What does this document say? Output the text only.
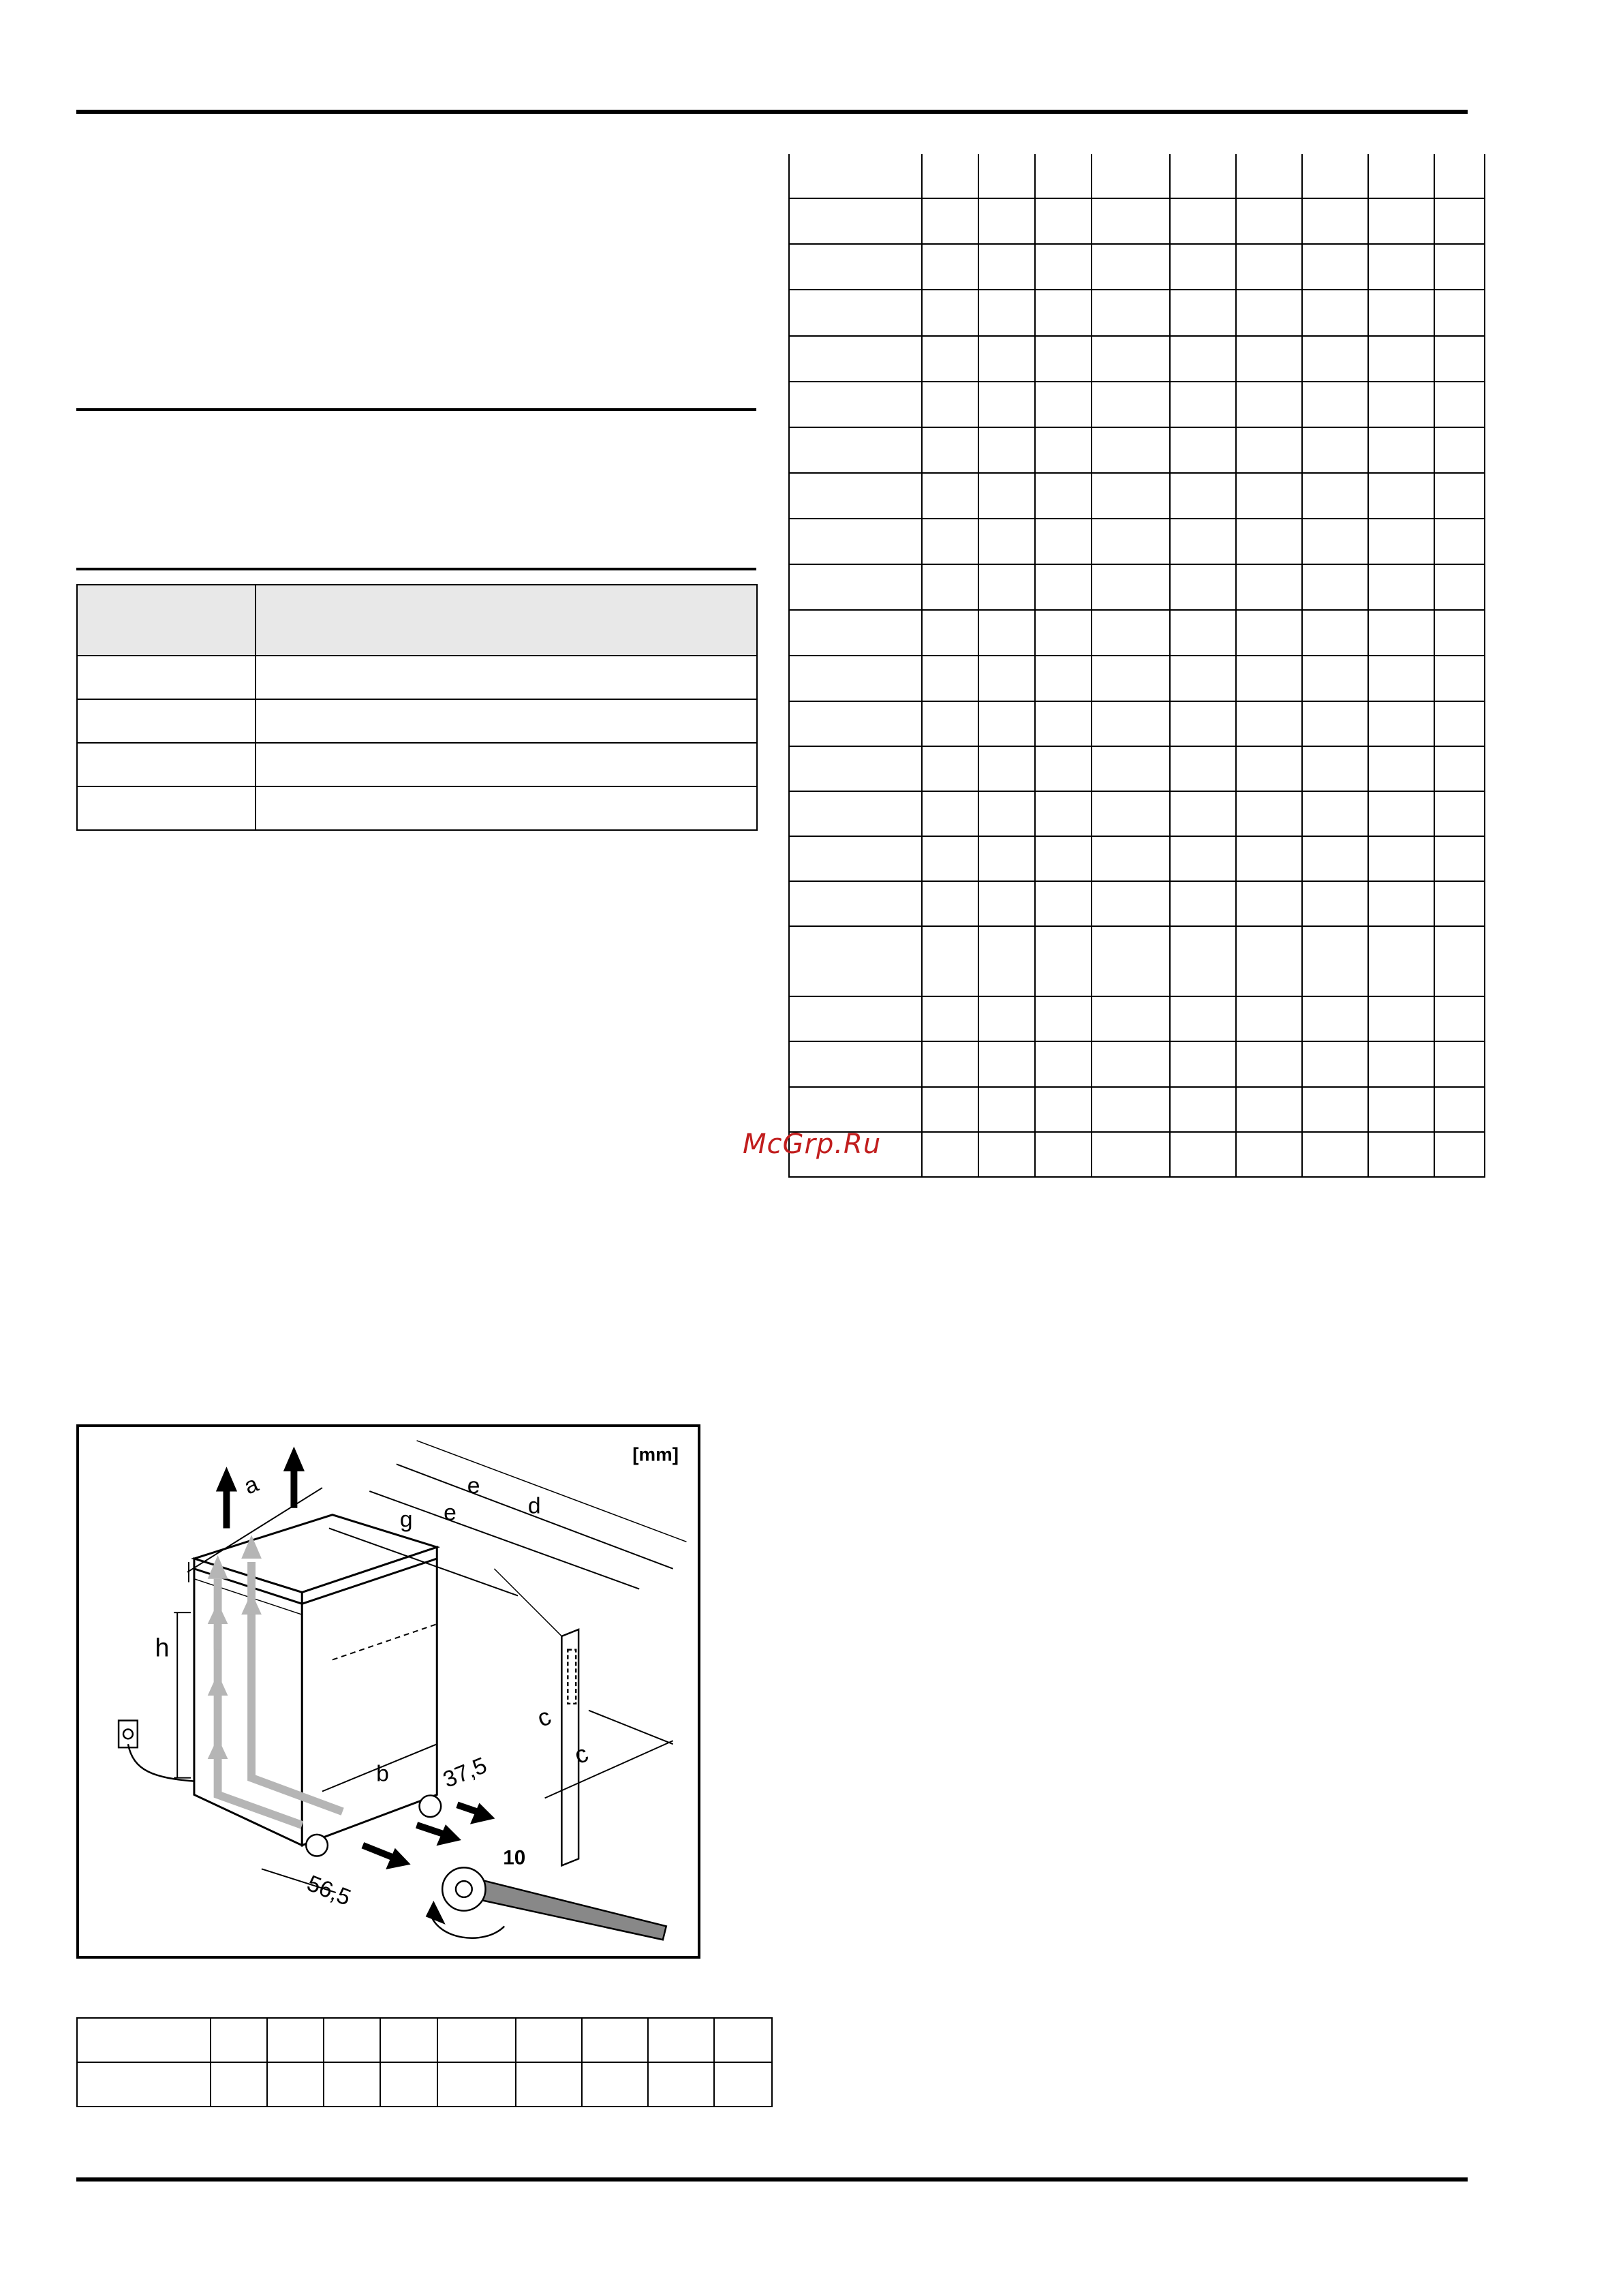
McGrp.Ru
[mm]
a
g e
e
d
h
b
c
c
37,5
56,5
10
